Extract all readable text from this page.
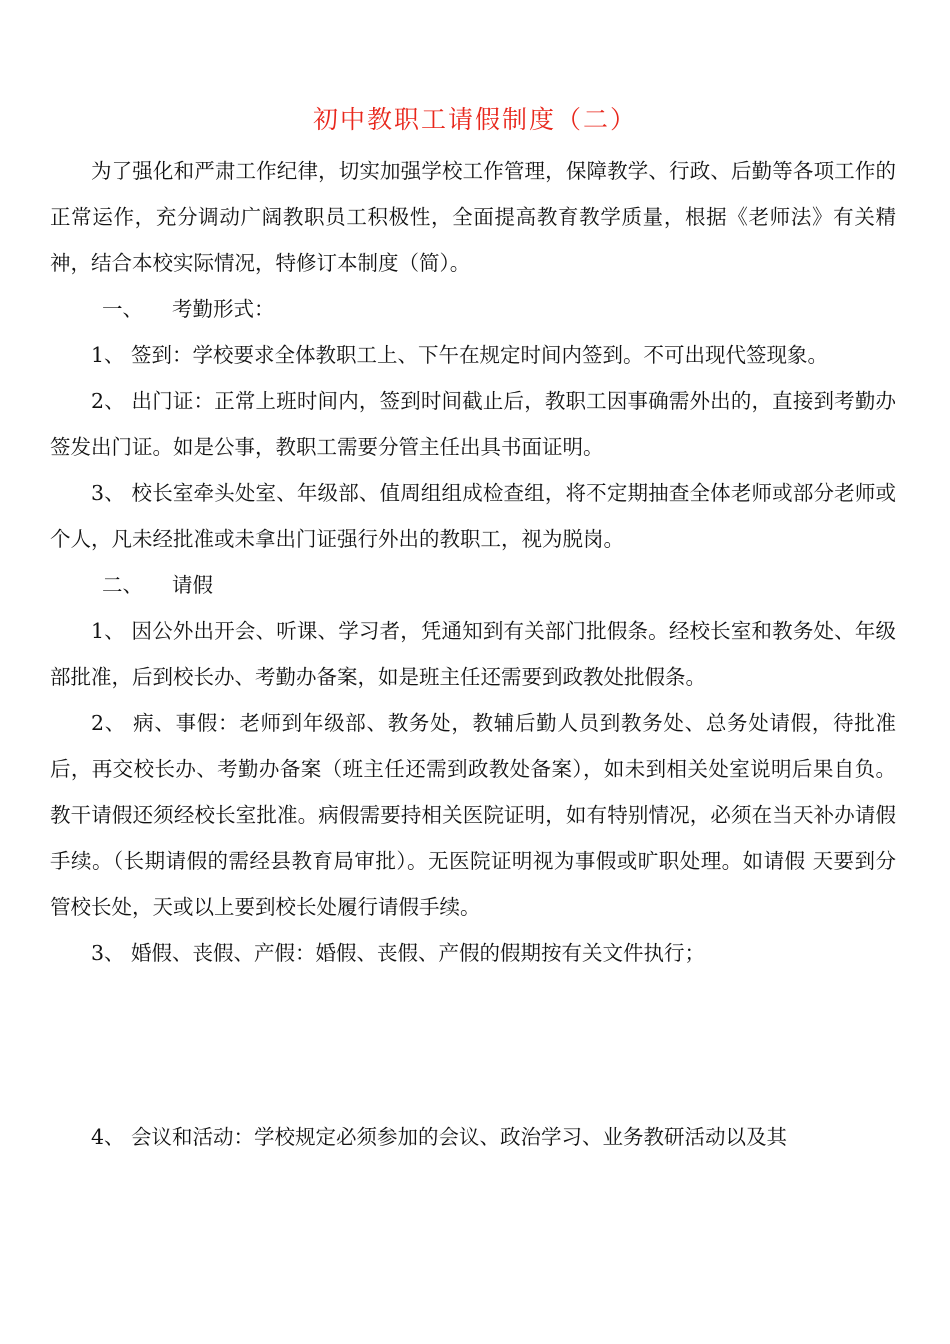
初中教职工请假制度（二）

为了强化和严肃工作纪律，切实加强学校工作管理，保障教学、行政、后勤等各项工作的正常运作，充分调动广阔教职员工积极性，全面提高教育教学质量，根据《老师法》有关精神，结合本校实际情况，特修订本制度（简）。

一、 考勤形式：

1、 签到：学校要求全体教职工上、下午在规定时间内签到。不可出现代签现象。

2、 出门证：正常上班时间内，签到时间截止后，教职工因事确需外出的，直接到考勤办签发出门证。如是公事，教职工需要分管主任出具书面证明。

3、 校长室牵头处室、年级部、值周组组成检查组，将不定期抽查全体老师或部分老师或个人，凡未经批准或未拿出门证强行外出的教职工，视为脱岗。

二、 请假

1、 因公外出开会、听课、学习者，凭通知到有关部门批假条。经校长室和教务处、年级部批准，后到校长办、考勤办备案，如是班主任还需要到政教处批假条。

2、 病、事假：老师到年级部、教务处，教辅后勤人员到教务处、总务处请假，待批准后，再交校长办、考勤办备案（班主任还需到政教处备案），如未到相关处室说明后果自负。教干请假还须经校长室批准。病假需要持相关医院证明，如有特别情况，必须在当天补办请假手续。（长期请假的需经县教育局审批）。无医院证明视为事假或旷职处理。如请假 天要到分管校长处，天或以上要到校长处履行请假手续。

3、 婚假、丧假、产假：婚假、丧假、产假的假期按有关文件执行；

4、 会议和活动：学校规定必须参加的会议、政治学习、业务教研活动以及其
